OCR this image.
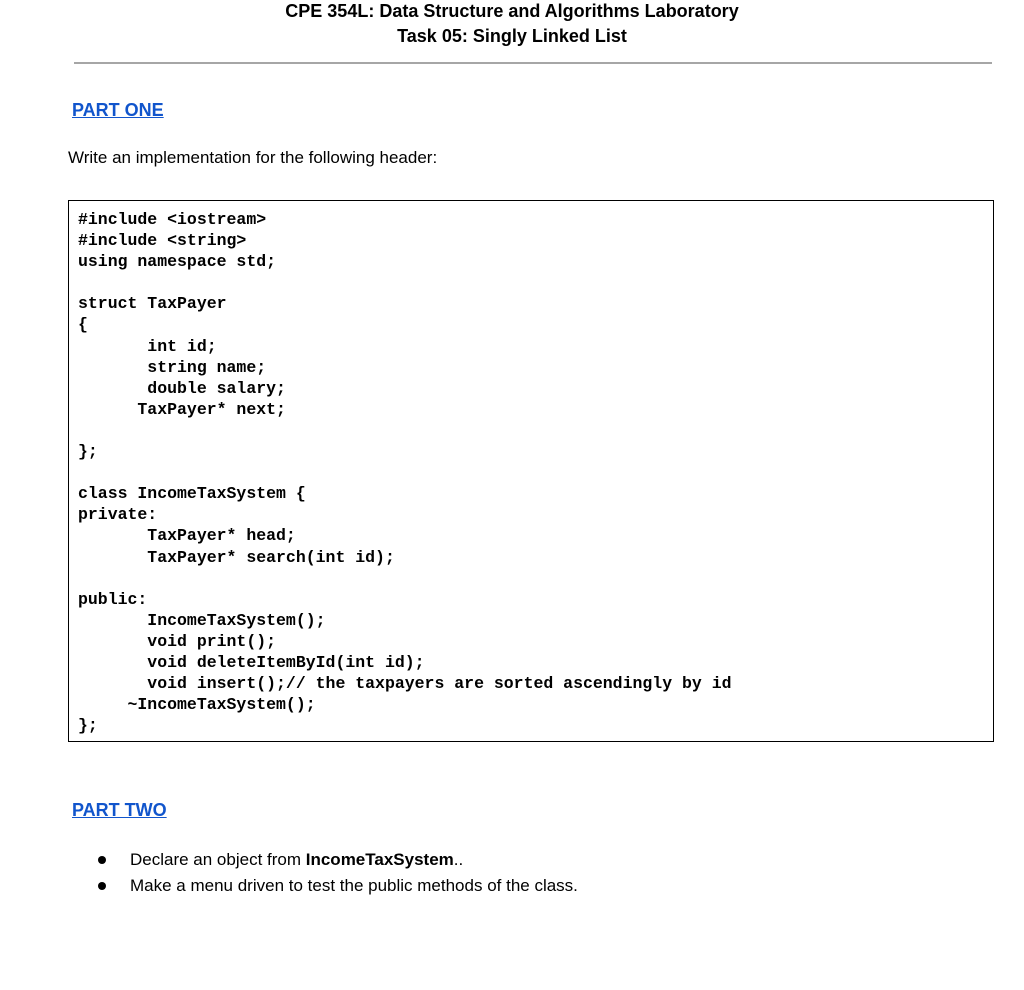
CPE 354L: Data Structure and Algorithms Laboratory
Task 05: Singly Linked List
PART ONE
Write an implementation for the following header:
#include <iostream>
#include <string>
using namespace std;

struct TaxPayer
{
int id;
string name;
double salary;
TaxPayer* next;

};

class IncomeTaxSystem {
private:
TaxPayer* head;
TaxPayer* search(int id);

public:
IncomeTaxSystem();
void print();
void deleteItemById(int id);
void insert();// the taxpayers are sorted ascendingly by id
~IncomeTaxSystem();
};
PART TWO
Declare an object from IncomeTaxSystem..
Make a menu driven to test the public methods of the class.
